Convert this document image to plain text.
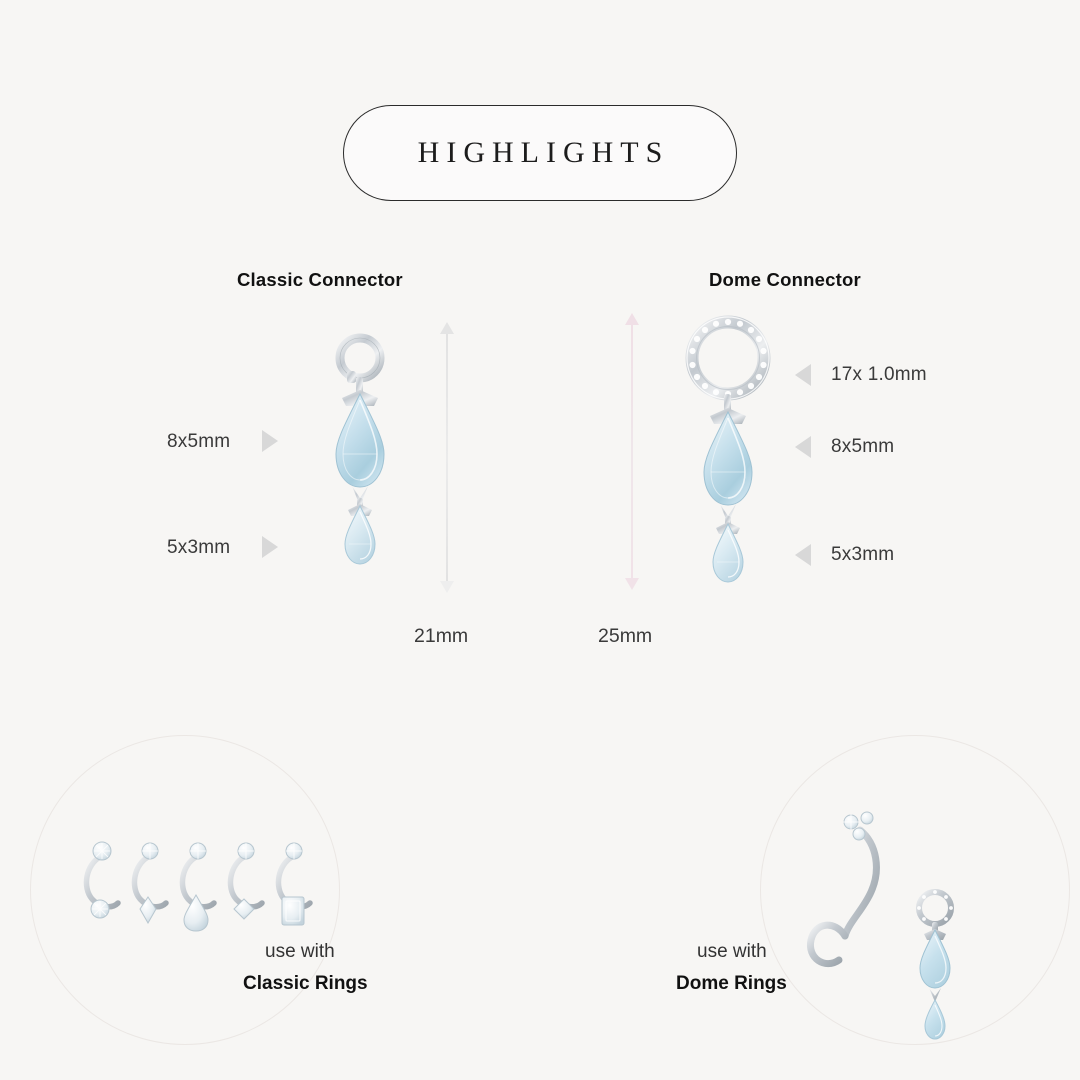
HIGHLIGHTS
Classic Connector	Dome Connector
8x5mm
5x3mm
21mm	25mm
17x 1.0mm
8x5mm
5x3mm
use with
Classic Rings
use with
Dome Rings
